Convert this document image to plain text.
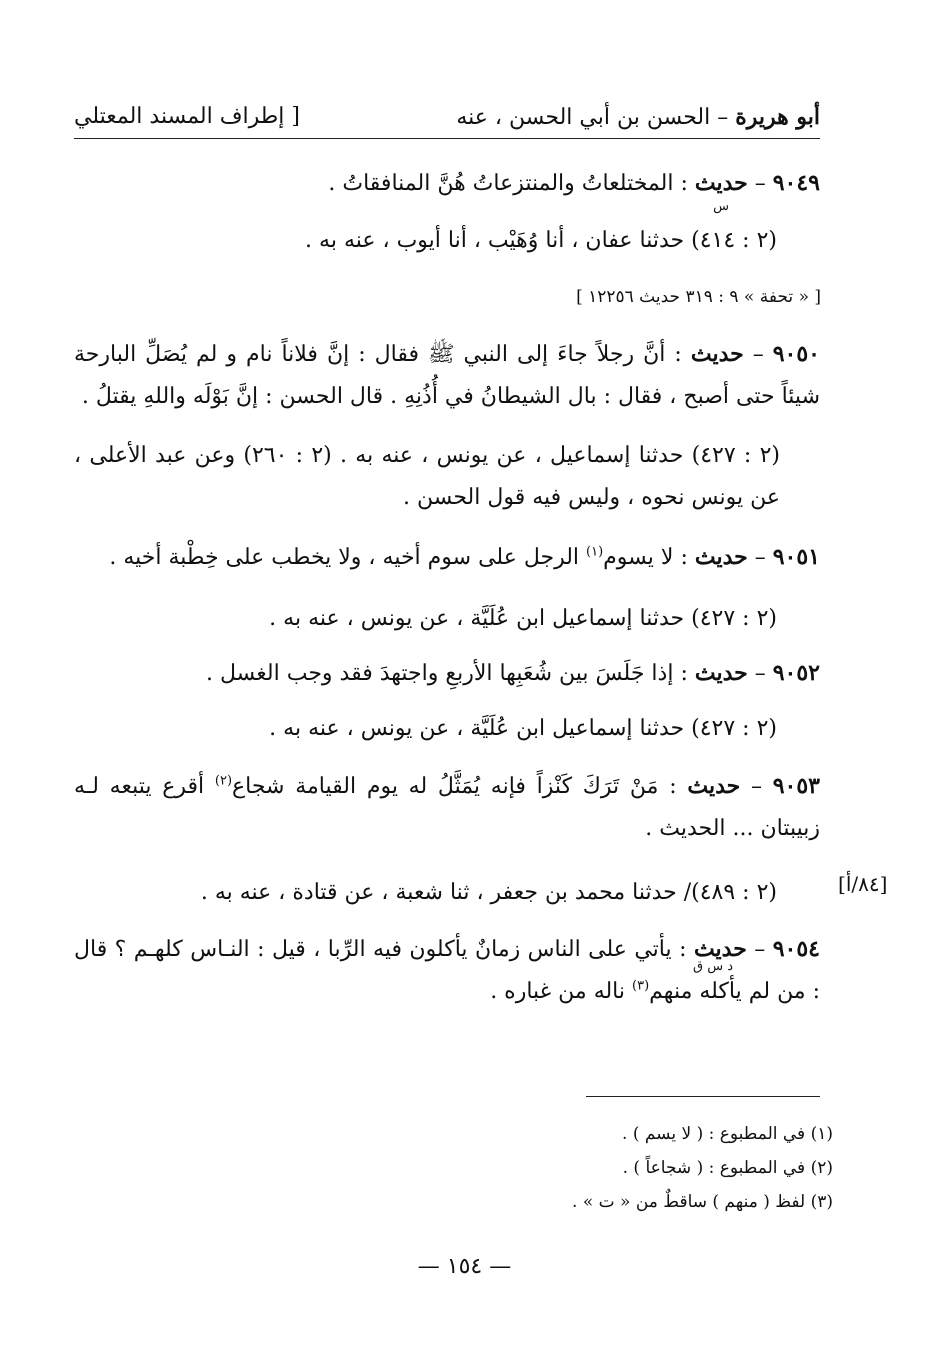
أبو هريرة – الحسن بن أبي الحسن ، عنه
[ إطراف المسند المعتلي
٩٠٤٩ – حديث : المختلعاتُ والمنتزعاتُ هُنَّ المنافقاتُ .
س
(٢ : ٤١٤) حدثنا عفان ، أنا وُهَيْب ، أنا أيوب ، عنه به .
[ « تحفة » ٩ : ٣١٩ حديث ١٢٢٥٦ ]
٩٠٥٠ – حديث : أنَّ رجلاً جاءَ إلى النبي ﷺ فقال : إنَّ فلاناً نام و لم يُصَلِّ البارحة شيئاً حتى أصبح ، فقال : بال الشيطانُ في أُذُنِهِ . قال الحسن : إنَّ بَوْلَه واللهِ يقتلُ .
(٢ : ٤٢٧) حدثنا إسماعيل ، عن يونس ، عنه به . (٢ : ٢٦٠) وعن عبد الأعلى ، عن يونس نحوه ، وليس فيه قول الحسن .
٩٠٥١ – حديث : لا يسوم$^{(١)}$ الرجل على سوم أخيه ، ولا يخطب على خِطْبة أخيه .
(٢ : ٤٢٧) حدثنا إسماعيل ابن عُلَيَّة ، عن يونس ، عنه به .
٩٠٥٢ – حديث : إذا جَلَسَ بين شُعَبِها الأربعِ واجتهدَ فقد وجب الغسل .
(٢ : ٤٢٧) حدثنا إسماعيل ابن عُلَيَّة ، عن يونس ، عنه به .
٩٠٥٣ – حديث : مَنْ تَرَكَ كَنْزاً فإنه يُمَثَّلُ له يوم القيامة شجاع$^{(٢)}$ أقرع يتبعه لـه زبيبتان ... الحديث .
(٢ : ٤٨٩)/ حدثنا محمد بن جعفر ، ثنا شعبة ، عن قتادة ، عنه به .	[٨٤/أ]
٩٠٥٤ – حديث : يأتي على الناس زمانٌ يأكلون فيه الرِّبا ، قيل : النـاس كلهـم ؟ قال : من لم يأكله منهم$^{(٣)}$ ناله من غباره .
د س ق
(١) في المطبوع : ( لا يسم ) .
(٢) في المطبوع : ( شجاعاً ) .
(٣) لفظ ( منهم ) ساقطٌ من « ت » .
— ١٥٤ —
